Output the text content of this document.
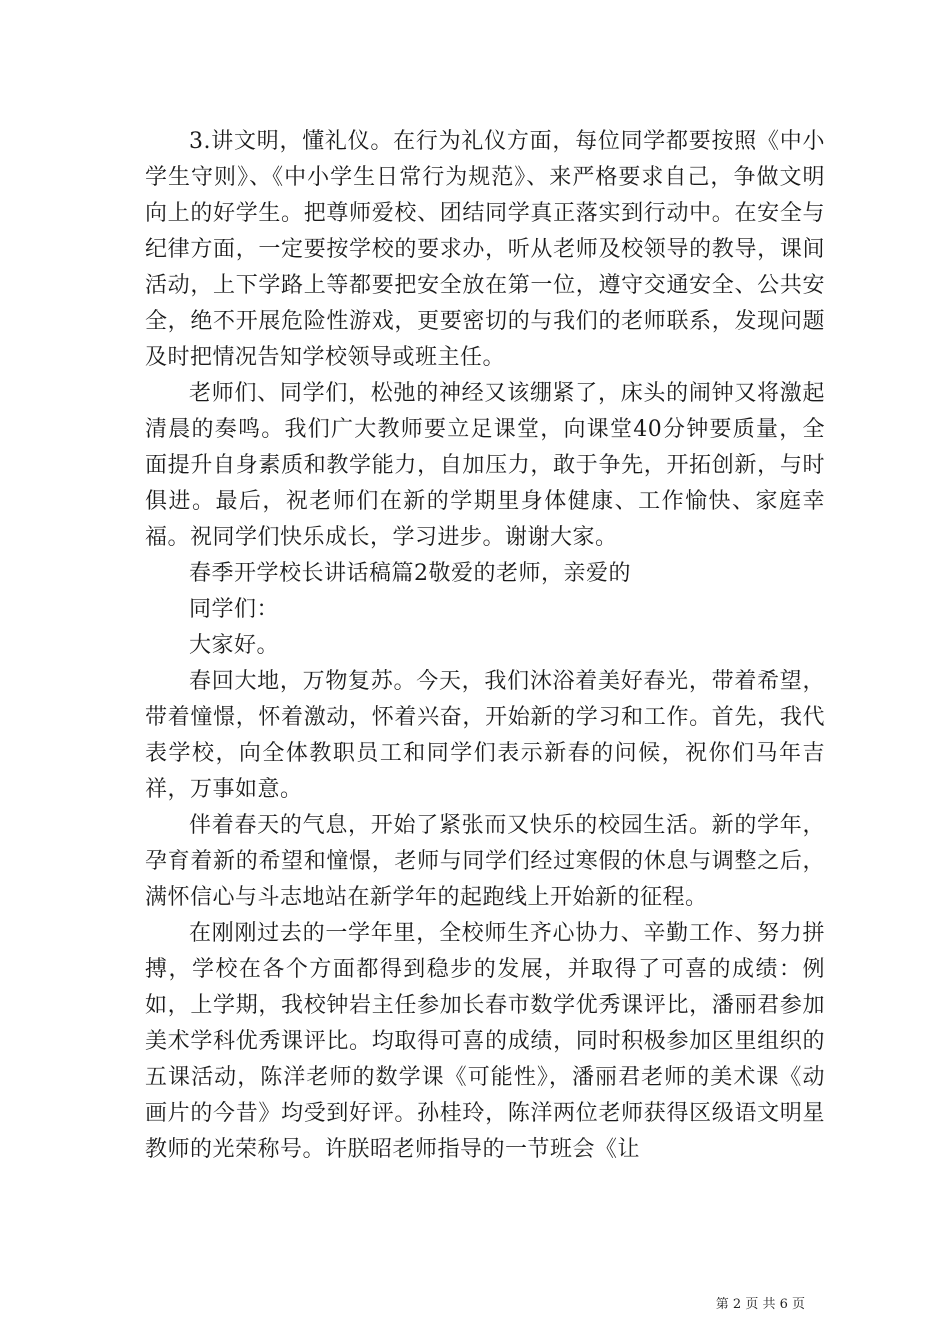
3.讲文明，懂礼仪。在行为礼仪方面，每位同学都要按照《中小学生守则》、《中小学生日常行为规范》、来严格要求自己，争做文明向上的好学生。把尊师爱校、团结同学真正落实到行动中。在安全与纪律方面，一定要按学校的要求办，听从老师及校领导的教导，课间活动，上下学路上等都要把安全放在第一位，遵守交通安全、公共安全，绝不开展危险性游戏，更要密切的与我们的老师联系，发现问题及时把情况告知学校领导或班主任。

老师们、同学们，松弛的神经又该绷紧了，床头的闹钟又将激起清晨的奏鸣。我们广大教师要立足课堂，向课堂40分钟要质量，全面提升自身素质和教学能力，自加压力，敢于争先，开拓创新，与时俱进。最后，祝老师们在新的学期里身体健康、工作愉快、家庭幸福。祝同学们快乐成长，学习进步。谢谢大家。

春季开学校长讲话稿篇2敬爱的老师，亲爱的

同学们：

大家好。

春回大地，万物复苏。今天，我们沐浴着美好春光，带着希望，带着憧憬，怀着激动，怀着兴奋，开始新的学习和工作。首先，我代表学校，向全体教职员工和同学们表示新春的问候，祝你们马年吉祥，万事如意。

伴着春天的气息，开始了紧张而又快乐的校园生活。新的学年，孕育着新的希望和憧憬，老师与同学们经过寒假的休息与调整之后，满怀信心与斗志地站在新学年的起跑线上开始新的征程。

在刚刚过去的一学年里，全校师生齐心协力、辛勤工作、努力拼搏，学校在各个方面都得到稳步的发展，并取得了可喜的成绩：例如，上学期，我校钟岩主任参加长春市数学优秀课评比，潘丽君参加美术学科优秀课评比。均取得可喜的成绩，同时积极参加区里组织的五课活动，陈洋老师的数学课《可能性》，潘丽君老师的美术课《动画片的今昔》均受到好评。孙桂玲，陈洋两位老师获得区级语文明星教师的光荣称号。许朕昭老师指导的一节班会《让

第 2 页 共 6 页
